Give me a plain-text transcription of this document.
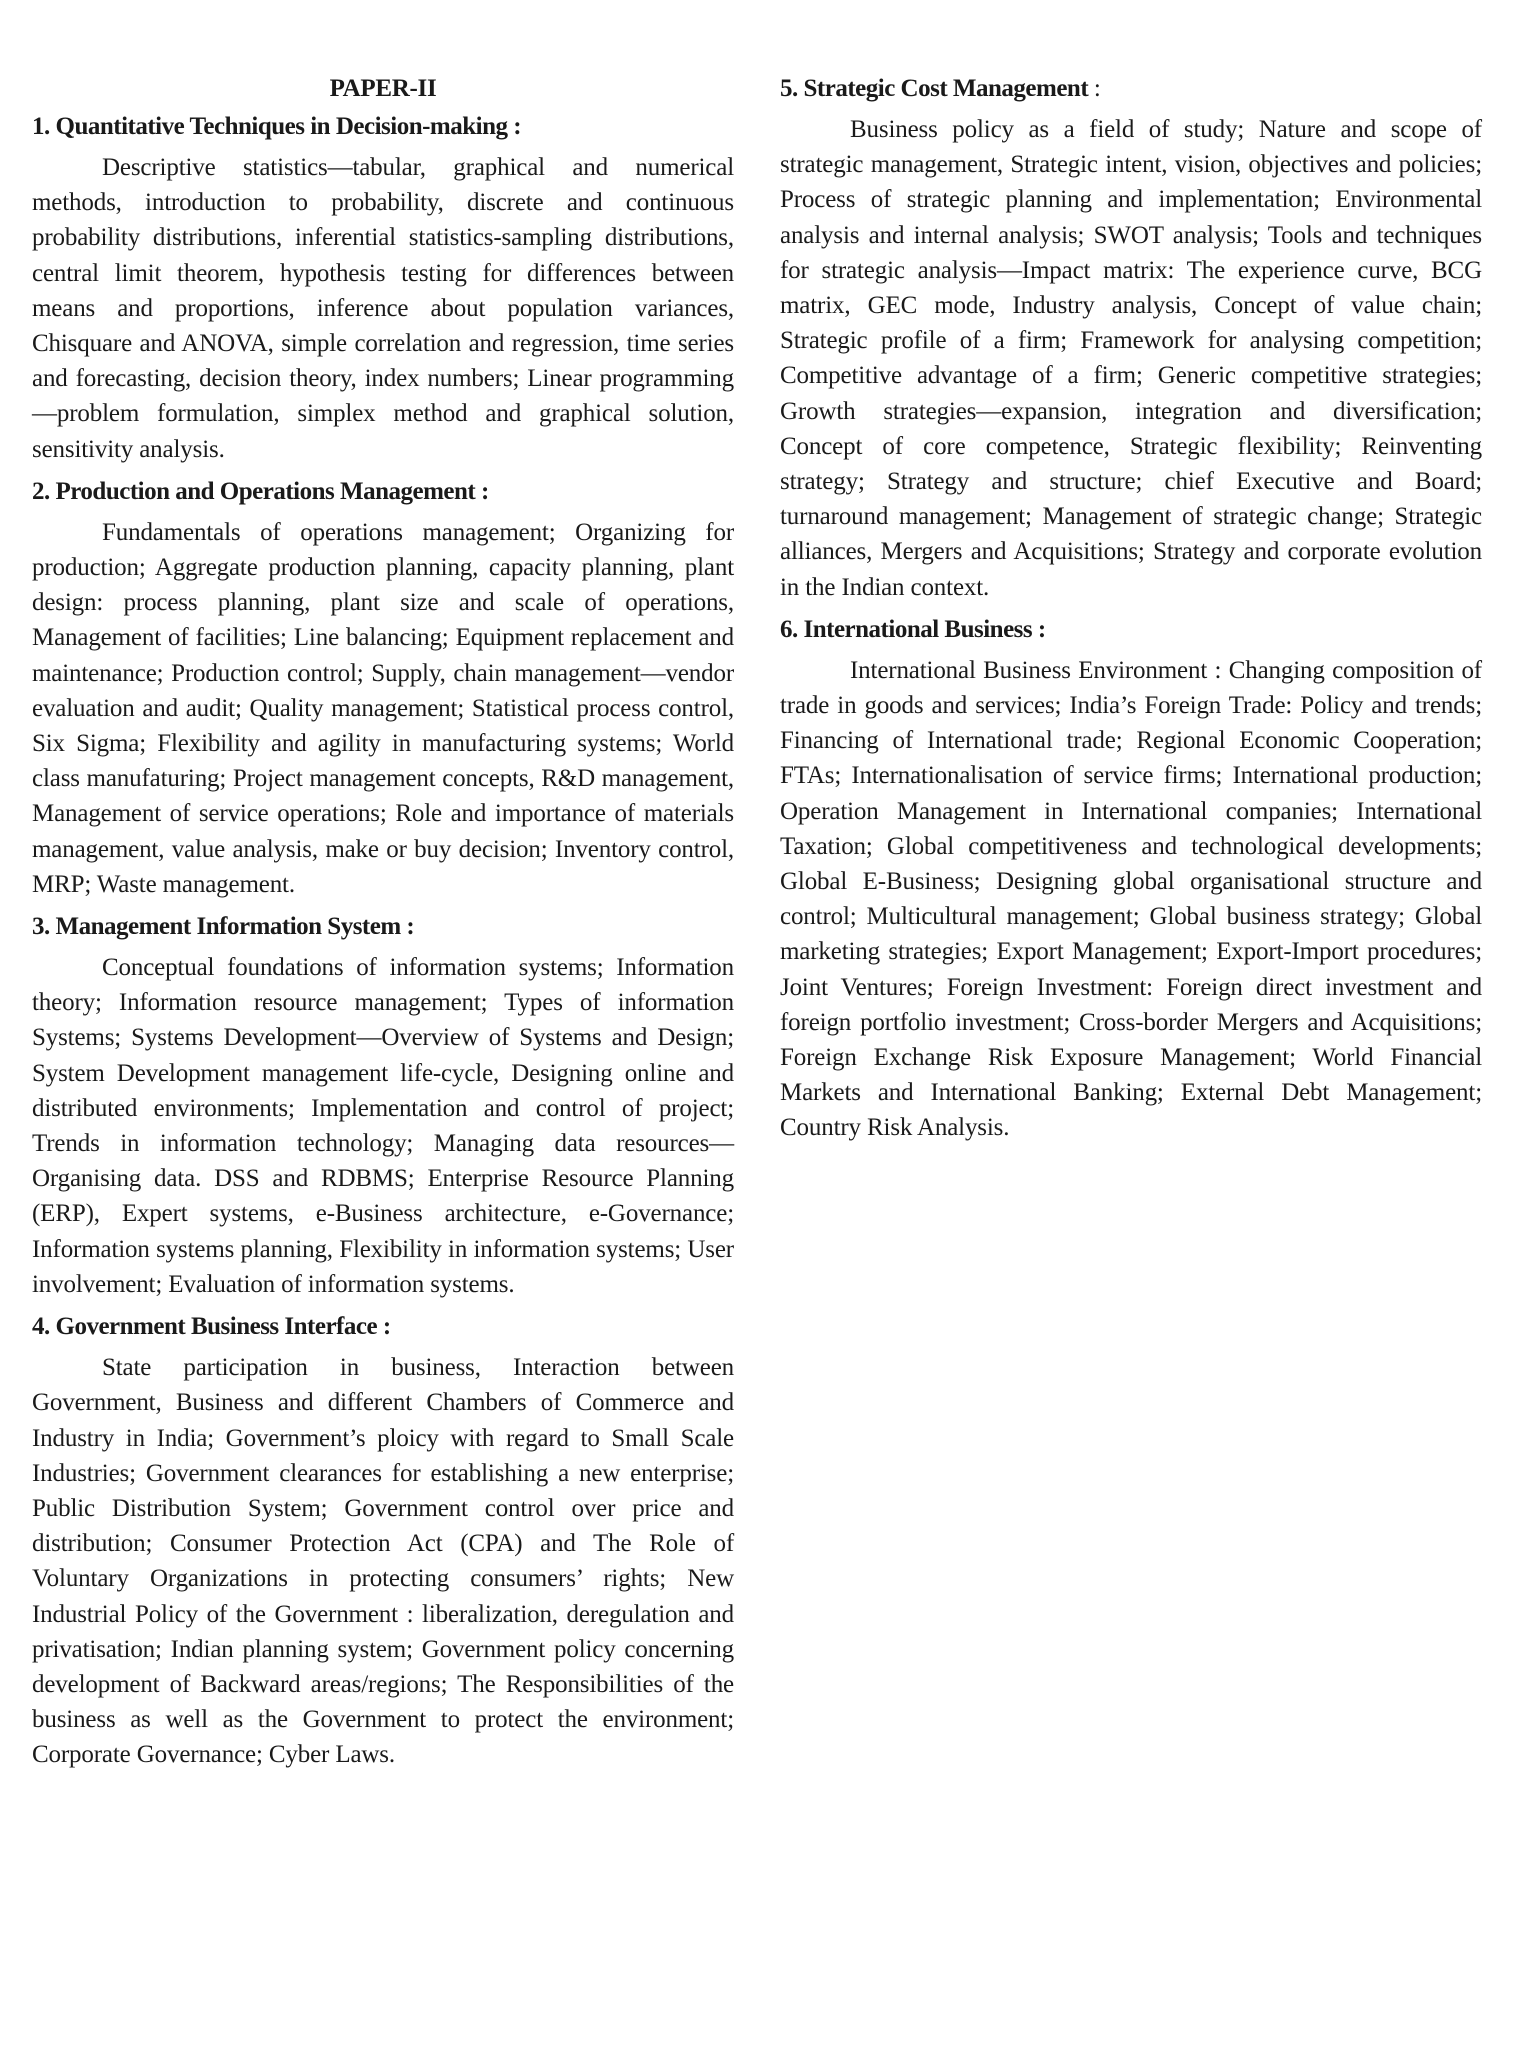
PAPER-II
1. Quantitative Techniques in Decision-making :

Descriptive statistics—tabular, graphical and numerical methods, introduction to probability, discrete and continuous probability distributions, inferential statistics-sampling distributions, central limit theorem, hypothesis testing for differences between means and proportions, inference about population variances, Chisquare and ANOVA, simple correlation and regression, time series and forecasting, decision theory, index numbers; Linear programming—problem formulation, simplex method and graphical solution, sensitivity analysis.

2. Production and Operations Management :

Fundamentals of operations management; Organizing for production; Aggregate production planning, capacity planning, plant design: process planning, plant size and scale of operations, Management of facilities; Line balancing; Equipment replacement and maintenance; Production control; Supply, chain management—vendor evaluation and audit; Quality management; Statistical process control, Six Sigma; Flexibility and agility in manufacturing systems; World class manufaturing; Project management concepts, R&D management, Management of service operations; Role and importance of materials management, value analysis, make or buy decision; Inventory control, MRP; Waste management.

3. Management Information System :

Conceptual foundations of information systems; Information theory; Information resource management; Types of information Systems; Systems Development—Overview of Systems and Design; System Development management life-cycle, Designing online and distributed environments; Implementation and control of project; Trends in information technology; Managing data resources—Organising data. DSS and RDBMS; Enterprise Resource Planning (ERP), Expert systems, e-Business architecture, e-Governance; Information systems planning, Flexibility in information systems; User involvement; Evaluation of information systems.

4. Government Business Interface :

State participation in business, Interaction between Government, Business and different Chambers of Commerce and Industry in India; Government’s ploicy with regard to Small Scale Industries; Government clearances for establishing a new enterprise; Public Distribution System; Government control over price and distribution; Consumer Protection Act (CPA) and The Role of Voluntary Organizations in protecting consumers’ rights; New Industrial Policy of the Government : liberalization, deregulation and privatisation; Indian planning system; Government policy concerning development of Backward areas/regions; The Responsibilities of the business as well as the Government to protect the environment; Corporate Governance; Cyber Laws.

5. Strategic Cost Management :

Business policy as a field of study; Nature and scope of strategic management, Strategic intent, vision, objectives and policies; Process of strategic planning and implementation; Environmental analysis and internal analysis; SWOT analysis; Tools and techniques for strategic analysis—Impact matrix: The experience curve, BCG matrix, GEC mode, Industry analysis, Concept of value chain; Strategic profile of a firm; Framework for analysing competition; Competitive advantage of a firm; Generic competitive strategies; Growth strategies—expansion, integration and diversification; Concept of core competence, Strategic flexibility; Reinventing strategy; Strategy and structure; chief Executive and Board; turnaround management; Management of strategic change; Strategic alliances, Mergers and Acquisitions; Strategy and corporate evolution in the Indian context.

6. International Business :

International Business Environment : Changing composition of trade in goods and services; India’s Foreign Trade: Policy and trends; Financing of International trade; Regional Economic Cooperation; FTAs; Internationalisation of service firms; International production; Operation Management in International companies; International Taxation; Global competitiveness and technological developments; Global E-Business; Designing global organisational structure and control; Multicultural management; Global business strategy; Global marketing strategies; Export Management; Export-Import procedures; Joint Ventures; Foreign Investment: Foreign direct investment and foreign portfolio investment; Cross-border Mergers and Acquisitions; Foreign Exchange Risk Exposure Management; World Financial Markets and International Banking; External Debt Management; Country Risk Analysis.
